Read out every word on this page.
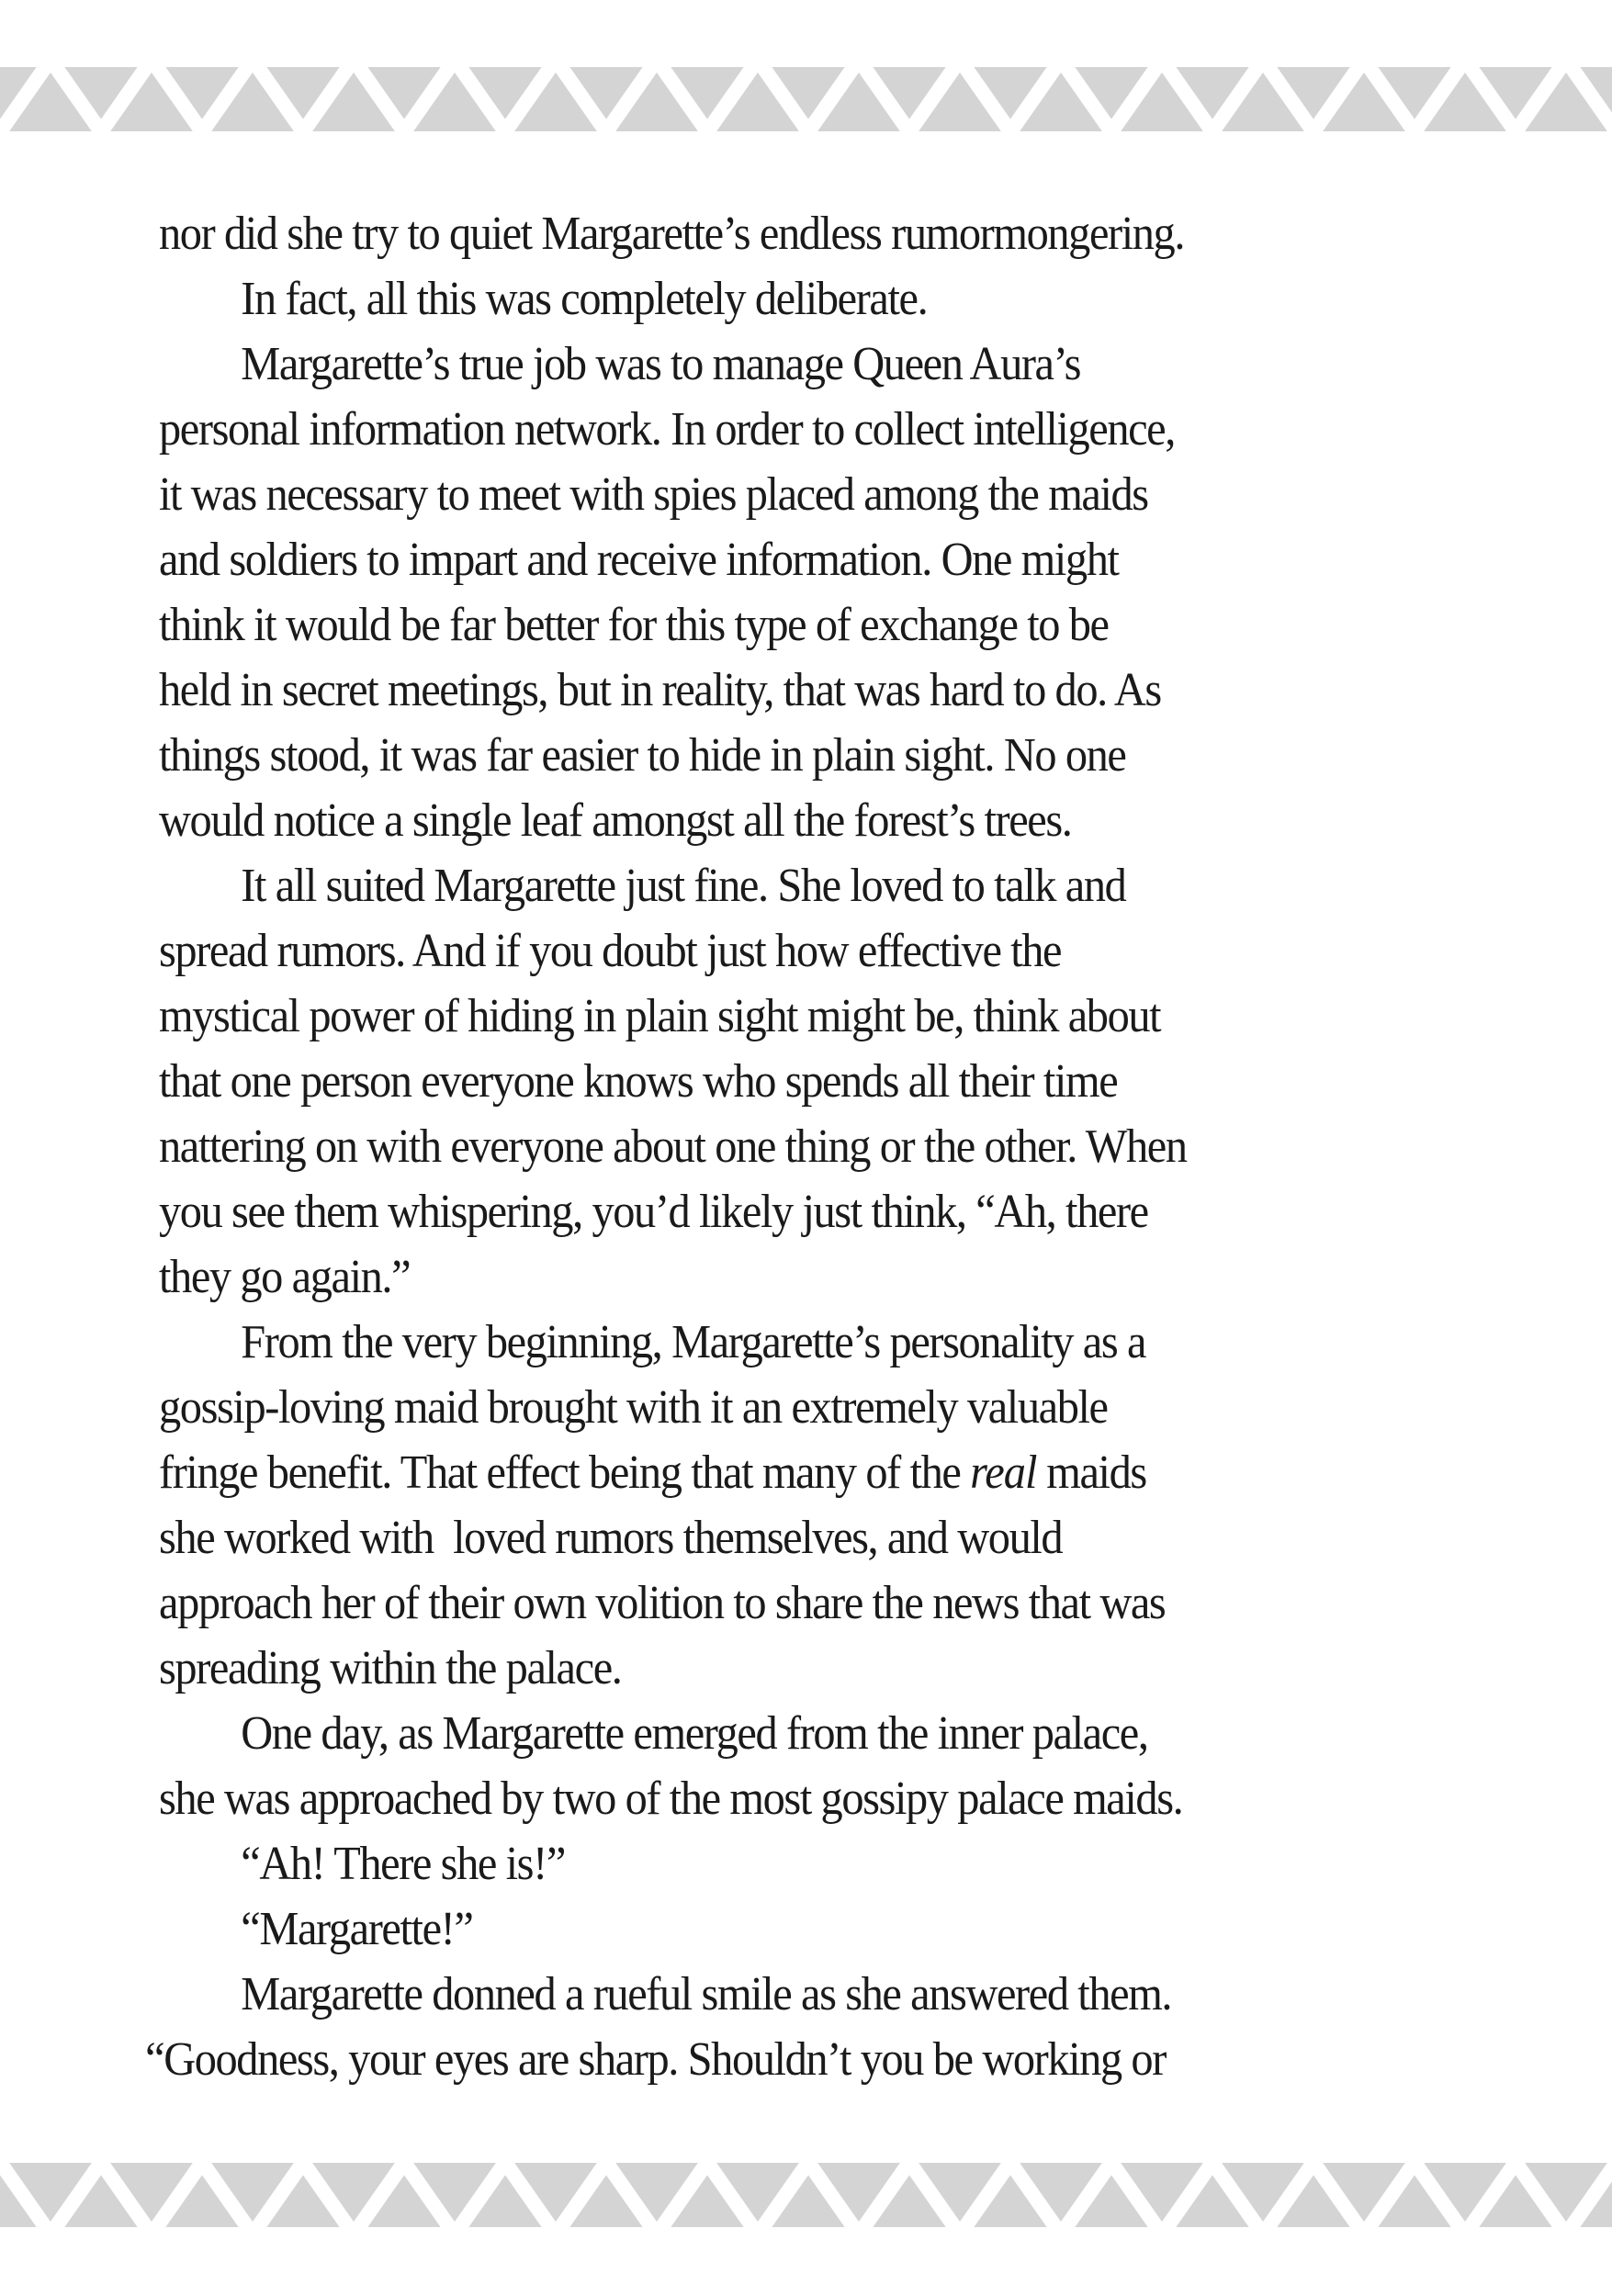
nor did she try to quiet Margarette’s endless rumormongering.
In fact, all this was completely deliberate.
Margarette’s true job was to manage Queen Aura’s
personal information network. In order to collect intelligence,
it was necessary to meet with spies placed among the maids
and soldiers to impart and receive information. One might
think it would be far better for this type of exchange to be
held in secret meetings, but in reality, that was hard to do. As
things stood, it was far easier to hide in plain sight. No one
would notice a single leaf amongst all the forest’s trees.
It all suited Margarette just fine. She loved to talk and
spread rumors. And if you doubt just how effective the
mystical power of hiding in plain sight might be, think about
that one person everyone knows who spends all their time
nattering on with everyone about one thing or the other. When
you see them whispering, you’d likely just think, “Ah, there
they go again.”
From the very beginning, Margarette’s personality as a
gossip-loving maid brought with it an extremely valuable
fringe benefit. That effect being that many of the real maids
she worked with  loved rumors themselves, and would
approach her of their own volition to share the news that was
spreading within the palace.
One day, as Margarette emerged from the inner palace,
she was approached by two of the most gossipy palace maids.
“Ah! There she is!”
“Margarette!”
Margarette donned a rueful smile as she answered them.
“Goodness, your eyes are sharp. Shouldn’t you be working or
